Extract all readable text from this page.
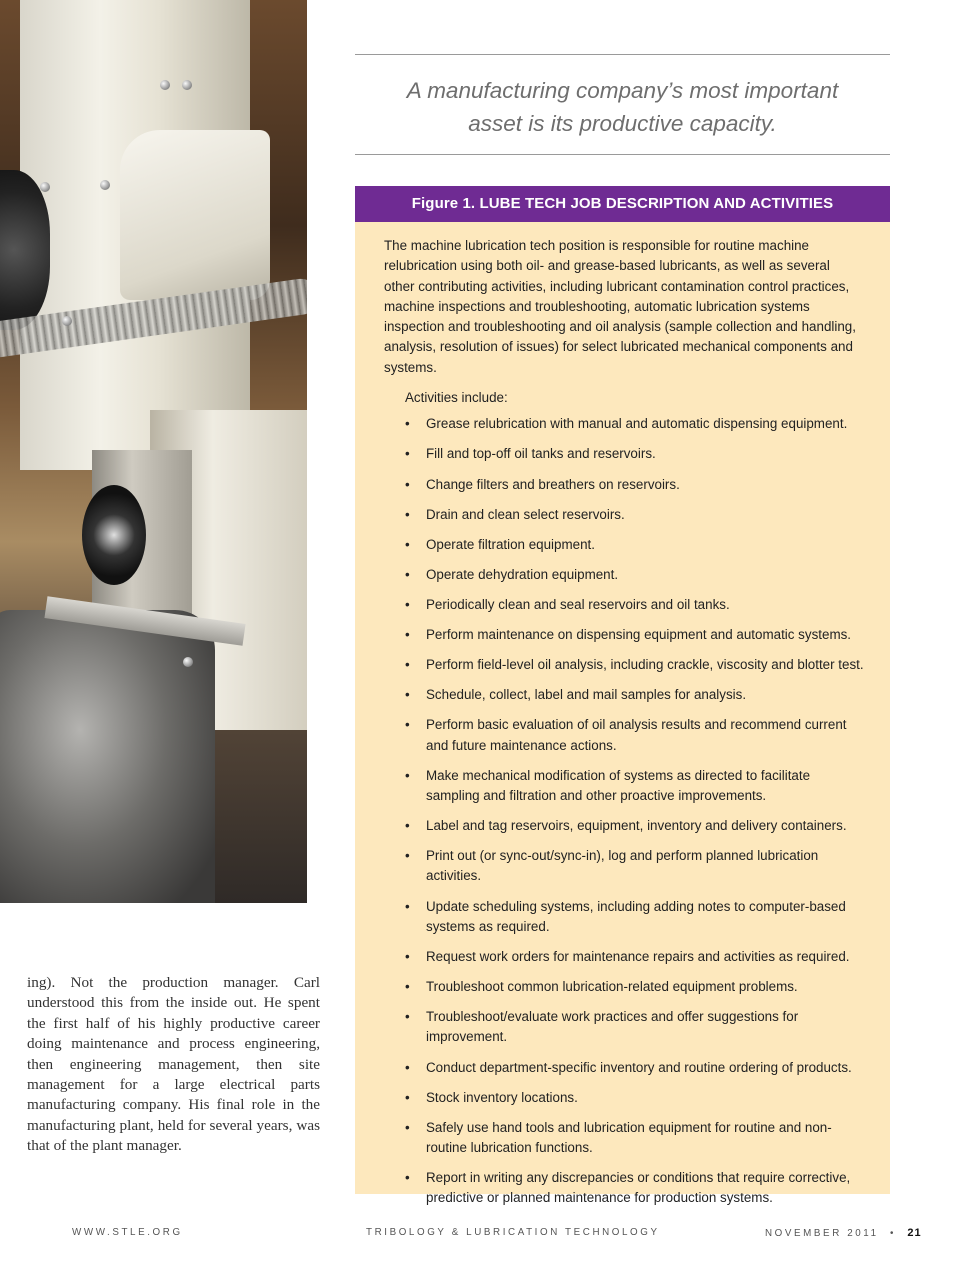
ing). Not the production manager. Carl understood this from the inside out. He spent the first half of his highly productive career doing maintenance and process engineering, then engineering management, then site management for a large electrical parts manufacturing company. His final role in the manufacturing plant, held for several years, was that of the plant manager.

A manufacturing company’s most important
asset is its productive capacity.

Figure 1. LUBE TECH JOB DESCRIPTION AND ACTIVITIES

The machine lubrication tech position is responsible for routine machine relubrication using both oil- and grease-based lubricants, as well as several other contributing activities, including lubricant contamination control practices, machine inspections and troubleshooting, automatic lubrication systems inspection and troubleshooting and oil analysis (sample collection and handling, analysis, resolution of issues) for select lubricated mechanical components and systems.

Activities include:

• Grease relubrication with manual and automatic dispensing equipment.
• Fill and top-off oil tanks and reservoirs.
• Change filters and breathers on reservoirs.
• Drain and clean select reservoirs.
• Operate filtration equipment.
• Operate dehydration equipment.
• Periodically clean and seal reservoirs and oil tanks.
• Perform maintenance on dispensing equipment and automatic systems.
• Perform field-level oil analysis, including crackle, viscosity and blotter test.
• Schedule, collect, label and mail samples for analysis.
• Perform basic evaluation of oil analysis results and recommend current and future maintenance actions.
• Make mechanical modification of systems as directed to facilitate sampling and filtration and other proactive improvements.
• Label and tag reservoirs, equipment, inventory and delivery containers.
• Print out (or sync-out/sync-in), log and perform planned lubrication activities.
• Update scheduling systems, including adding notes to computer-based systems as required.
• Request work orders for maintenance repairs and activities as required.
• Troubleshoot common lubrication-related equipment problems.
• Troubleshoot/evaluate work practices and offer suggestions for improvement.
• Conduct department-specific inventory and routine ordering of products.
• Stock inventory locations.
• Safely use hand tools and lubrication equipment for routine and non-routine lubrication functions.
• Report in writing any discrepancies or conditions that require corrective, predictive or planned maintenance for production systems.

WWW.STLE.ORG	TRIBOLOGY & LUBRICATION TECHNOLOGY	NOVEMBER 2011 • 21
